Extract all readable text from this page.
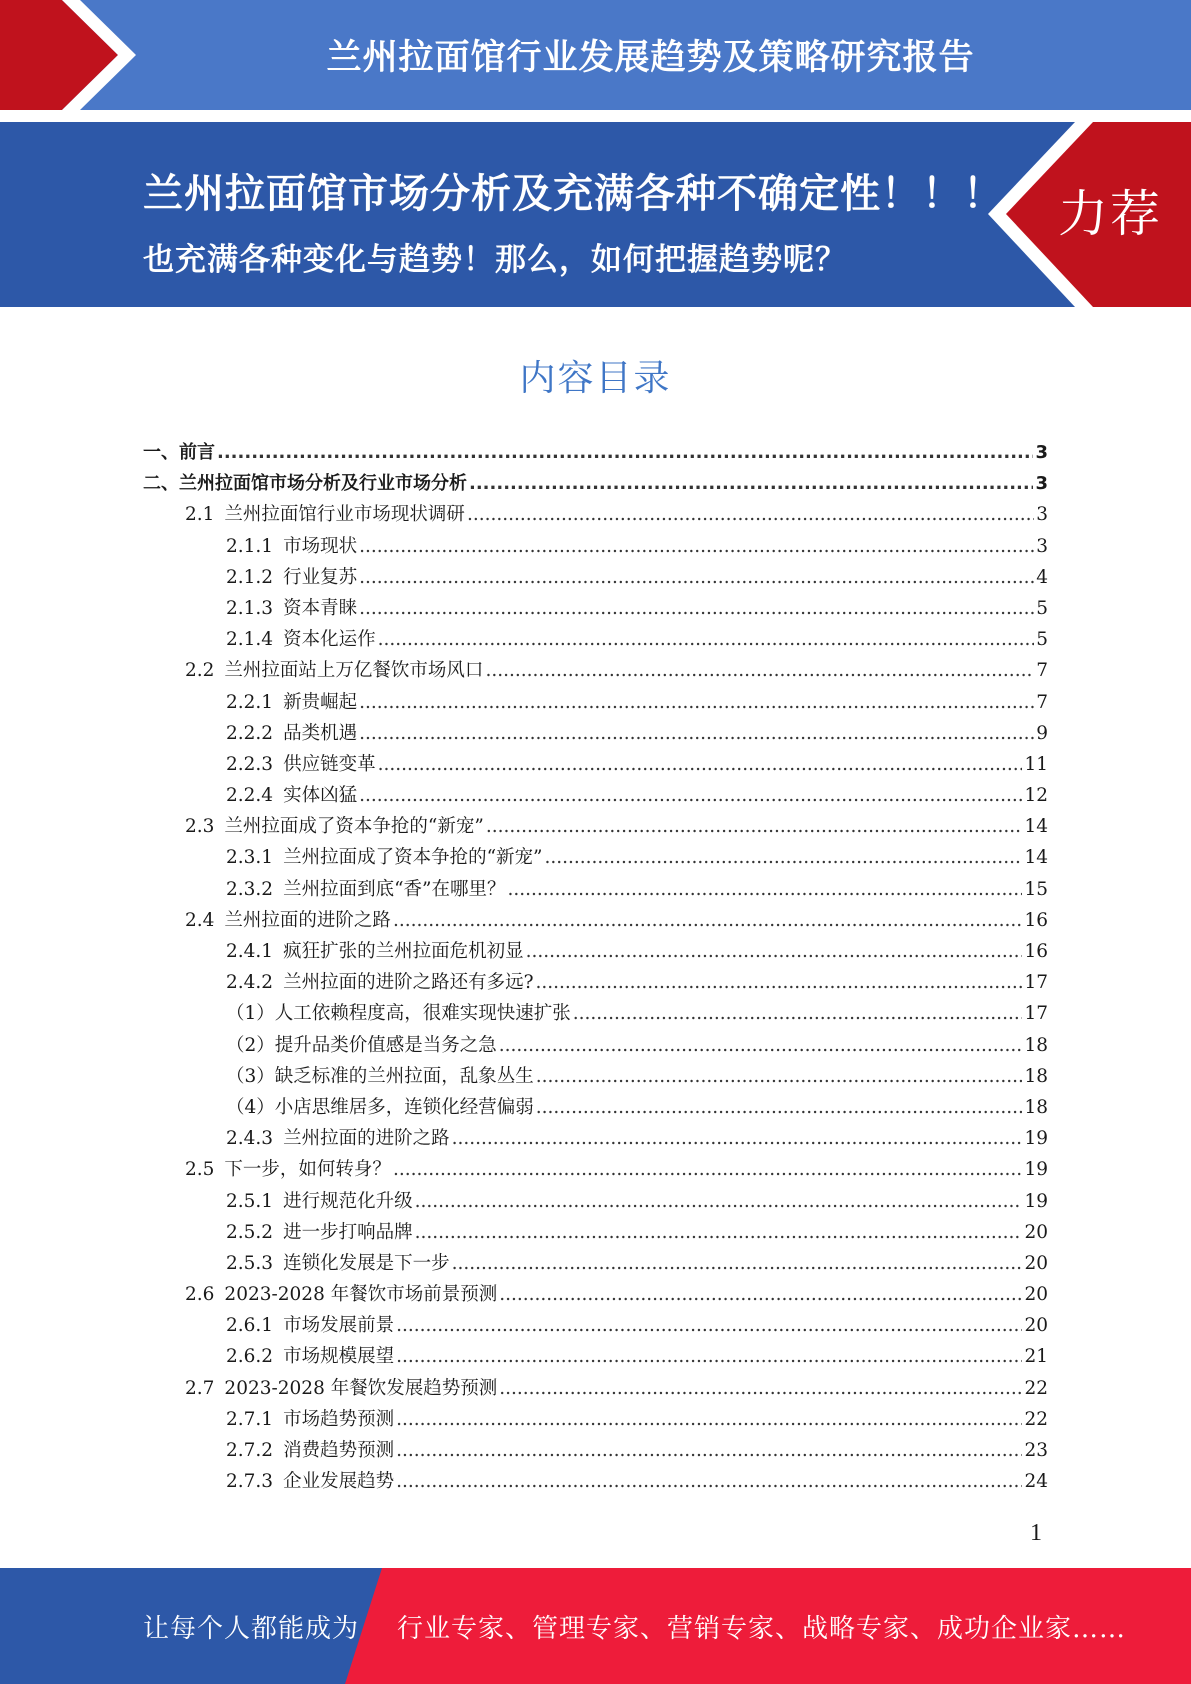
兰州拉面馆行业发展趋势及策略研究报告
兰州拉面馆市场分析及充满各种不确定性！！！
也充满各种变化与趋势！那么，如何把握趋势呢？
力荐
内容目录
一、前言 .....	3
二、兰州拉面馆市场分析及行业市场分析 .....	3
2.1 兰州拉面馆行业市场现状调研 .....	3
2.1.1 市场现状 .....	3
2.1.2 行业复苏 .....	4
2.1.3 资本青睐 .....	5
2.1.4 资本化运作 .....	5
2.2 兰州拉面站上万亿餐饮市场风口 .....	7
2.2.1 新贵崛起 .....	7
2.2.2 品类机遇 .....	9
2.2.3 供应链变革 .....	11
2.2.4 实体凶猛 .....	12
2.3 兰州拉面成了资本争抢的“新宠” .....	14
2.3.1 兰州拉面成了资本争抢的“新宠” .....	14
2.3.2 兰州拉面到底“香”在哪里？ .....	15
2.4 兰州拉面的进阶之路 .....	16
2.4.1 疯狂扩张的兰州拉面危机初显 .....	16
2.4.2 兰州拉面的进阶之路还有多远? .....	17
（1）人工依赖程度高，很难实现快速扩张 .....	17
（2）提升品类价值感是当务之急 .....	18
（3）缺乏标准的兰州拉面，乱象丛生 .....	18
（4）小店思维居多，连锁化经营偏弱 .....	18
2.4.3 兰州拉面的进阶之路 .....	19
2.5 下一步，如何转身？ .....	19
2.5.1 进行规范化升级 .....	19
2.5.2 进一步打响品牌 .....	20
2.5.3 连锁化发展是下一步 .....	20
2.6 2023-2028 年餐饮市场前景预测 .....	20
2.6.1 市场发展前景 .....	20
2.6.2 市场规模展望 .....	21
2.7 2023-2028 年餐饮发展趋势预测 .....	22
2.7.1 市场趋势预测 .....	22
2.7.2 消费趋势预测 .....	23
2.7.3 企业发展趋势 .....	24
1
让每个人都能成为 行业专家、管理专家、营销专家、战略专家、成功企业家……
